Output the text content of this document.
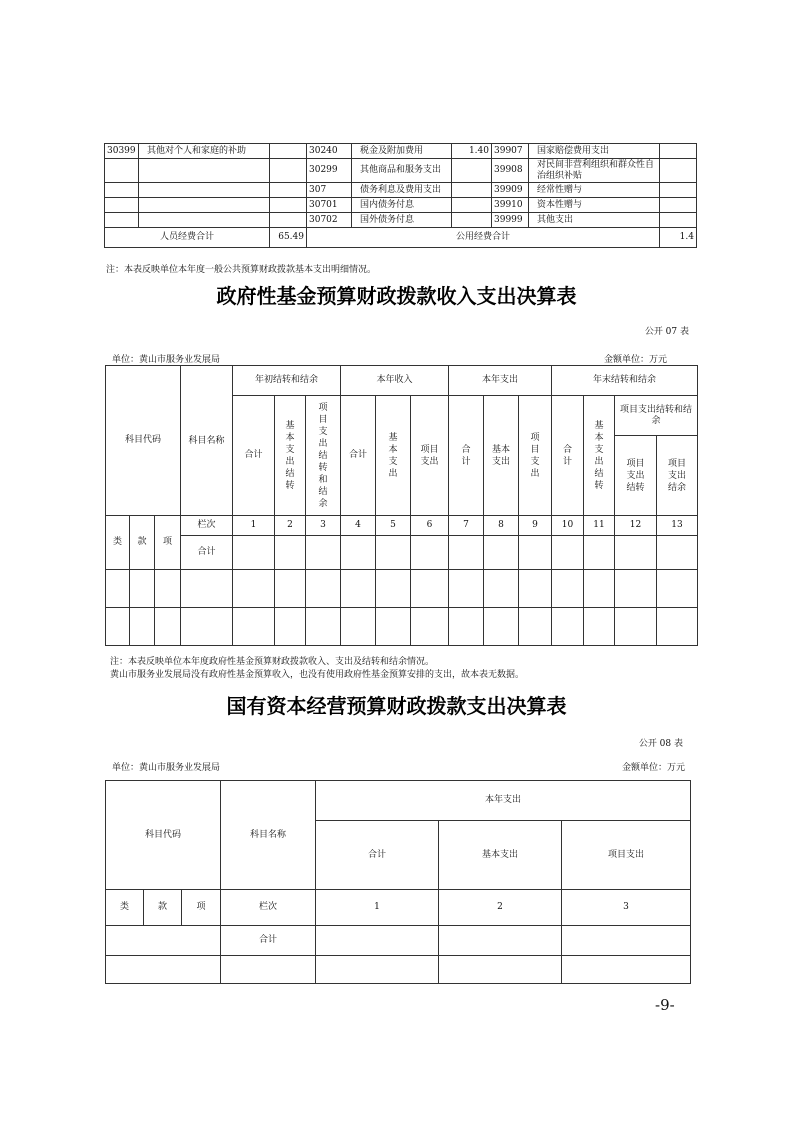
30399	其他对个人和家庭的补助		30240	税金及附加费用	1.40	39907	国家赔偿费用支出	
			30299	其他商品和服务支出		39908	对民间非营利组织和群众性自治组织补贴	
			307	债务利息及费用支出		39909	经常性赠与	
			30701	国内债务付息		39910	资本性赠与	
			30702	国外债务付息		39999	其他支出	
人员经费合计		65.49	公用经费合计					1.4
注：本表反映单位本年度一般公共预算财政拨款基本支出明细情况。
政府性基金预算财政拨款收入支出决算表
公开 07 表
单位：黄山市服务业发展局	金额单位：万元
科目代码			科目名称	年初结转和结余			本年收入			本年支出			年末结转和结余			
				合计	基本支出结转	项目支出结转和结余	合计	基本支出	项目支出	合计	基本支出	项目支出	合计	基本支出结转	项目支出结转和结余	
															项目支出结转	项目支出结余
类	款	项	栏次	1	2	3	4	5	6	7	8	9	10	11	12	13
			合计													

注：本表反映单位本年度政府性基金预算财政拨款收入、支出及结转和结余情况。
黄山市服务业发展局没有政府性基金预算收入，也没有使用政府性基金预算安排的支出，故本表无数据。
国有资本经营预算财政拨款支出决算表
公开 08 表
单位：黄山市服务业发展局	金额单位：万元
科目代码			科目名称	本年支出		
				合计	基本支出	项目支出
类	款	项	栏次	1	2	3
			合计			

-9-
